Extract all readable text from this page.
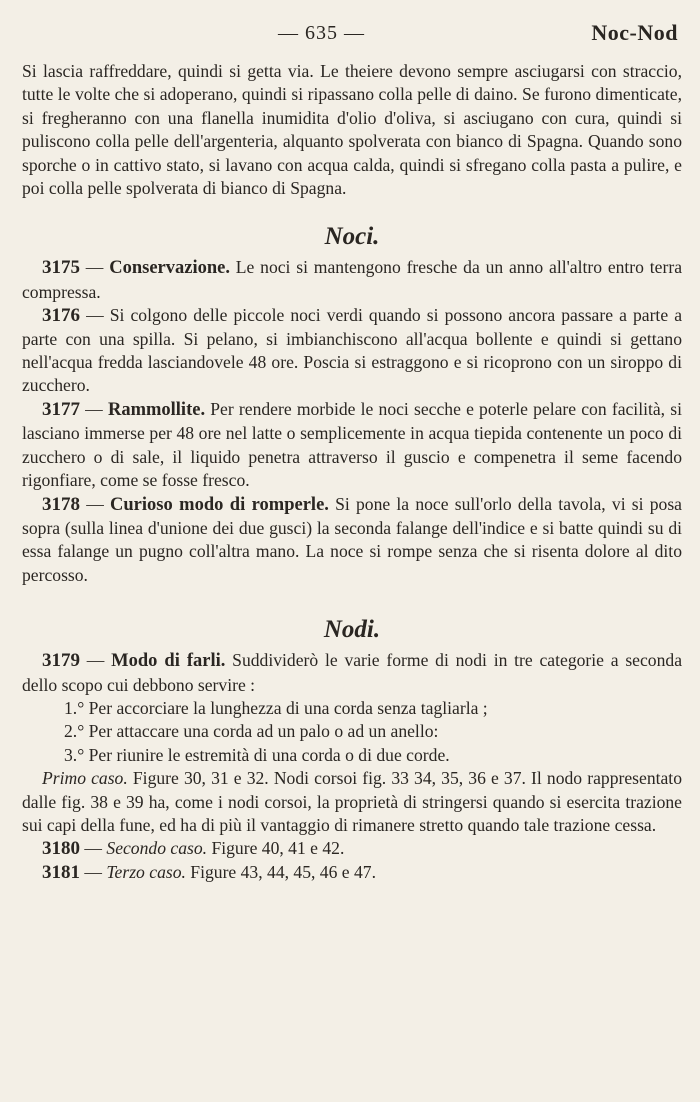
— 635 —	Noc-Nod

Si lascia raffreddare, quindi si getta via. Le theiere devono sempre asciugarsi con straccio, tutte le volte che si adoperano, quindi si ripassano colla pelle di daino. Se furono dimenticate, si fregheranno con una flanella inumidita d'olio d'oliva, si asciugano con cura, quindi si puliscono colla pelle dell'argenteria, alquanto spolverata con bianco di Spagna. Quando sono sporche o in cattivo stato, si lavano con acqua calda, quindi si sfregano colla pasta a pulire, e poi colla pelle spolverata di bianco di Spagna.

Noci.

3175 — Conservazione. Le noci si mantengono fresche da un anno all'altro entro terra compressa.

3176 — Si colgono delle piccole noci verdi quando si possono ancora passare a parte a parte con una spilla. Si pelano, si imbianchiscono all'acqua bollente e quindi si gettano nell'acqua fredda lasciandovele 48 ore. Poscia si estraggono e si ricoprono con un siroppo di zucchero.

3177 — Rammollite. Per rendere morbide le noci secche e poterle pelare con facilità, si lasciano immerse per 48 ore nel latte o semplicemente in acqua tiepida contenente un poco di zucchero o di sale, il liquido penetra attraverso il guscio e compenetra il seme facendo rigonfiare, come se fosse fresco.

3178 — Curioso modo di romperle. Si pone la noce sull'orlo della tavola, vi si posa sopra (sulla linea d'unione dei due gusci) la seconda falange dell'indice e si batte quindi su di essa falange un pugno coll'altra mano. La noce si rompe senza che si risenta dolore al dito percosso.

Nodi.

3179 — Modo di farli. Suddividerò le varie forme di nodi in tre categorie a seconda dello scopo cui debbono servire :

1.° Per accorciare la lunghezza di una corda senza tagliarla ;

2.° Per attaccare una corda ad un palo o ad un anello:

3.° Per riunire le estremità di una corda o di due corde.

Primo caso. Figure 30, 31 e 32. Nodi corsoi fig. 33 34, 35, 36 e 37. Il nodo rappresentato dalle fig. 38 e 39 ha, come i nodi corsoi, la proprietà di stringersi quando si esercita trazione sui capi della fune, ed ha di più il vantaggio di rimanere stretto quando tale trazione cessa.

3180 — Secondo caso. Figure 40, 41 e 42.

3181 — Terzo caso. Figure 43, 44, 45, 46 e 47.
